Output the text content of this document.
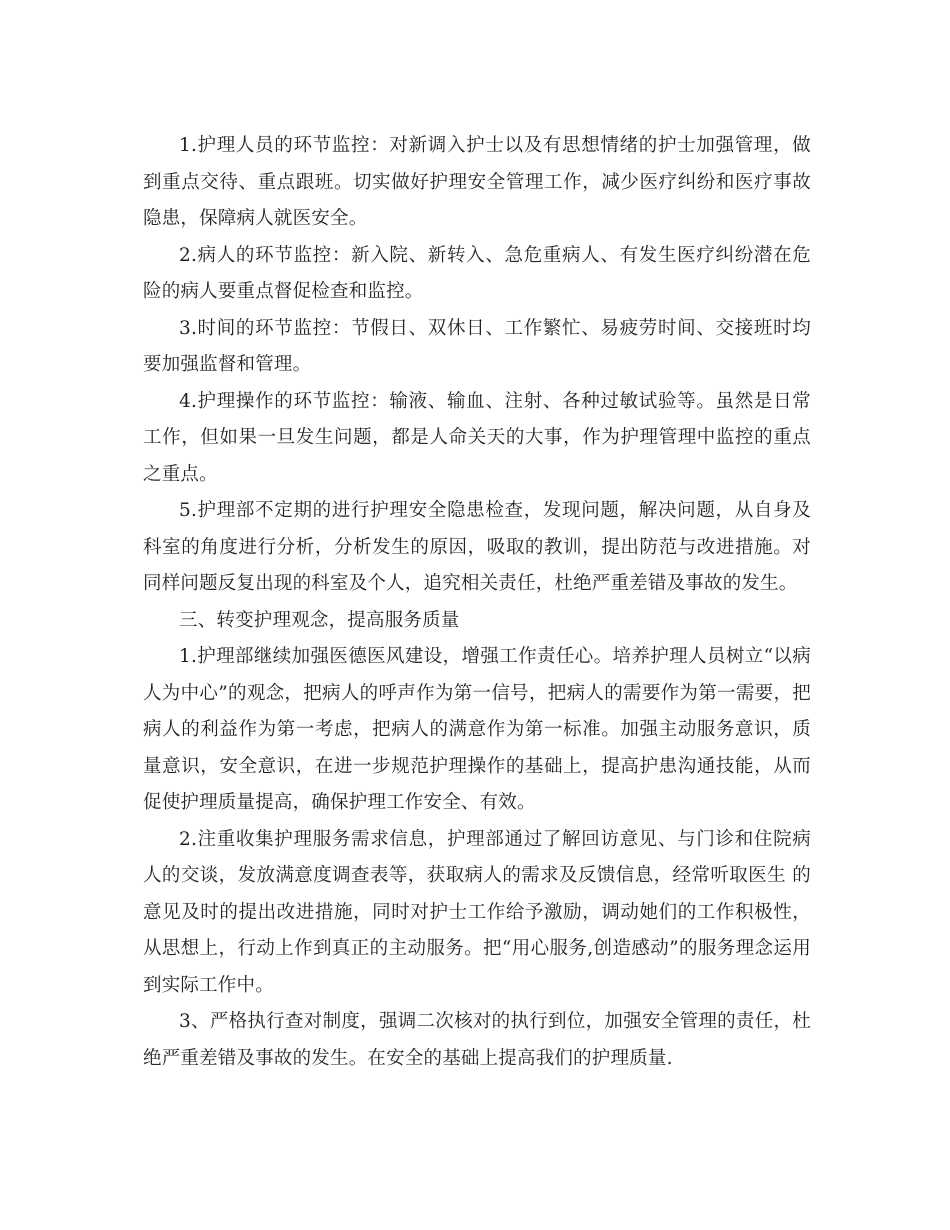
1.护理人员的环节监控：对新调入护士以及有思想情绪的护士加强管理，做到重点交待、重点跟班。切实做好护理安全管理工作，减少医疗纠纷和医疗事故隐患，保障病人就医安全。

2.病人的环节监控：新入院、新转入、急危重病人、有发生医疗纠纷潜在危险的病人要重点督促检查和监控。

3.时间的环节监控：节假日、双休日、工作繁忙、易疲劳时间、交接班时均要加强监督和管理。

4.护理操作的环节监控：输液、输血、注射、各种过敏试验等。虽然是日常工作，但如果一旦发生问题，都是人命关天的大事，作为护理管理中监控的重点之重点。

5.护理部不定期的进行护理安全隐患检查，发现问题，解决问题，从自身及科室的角度进行分析，分析发生的原因，吸取的教训，提出防范与改进措施。对同样问题反复出现的科室及个人，追究相关责任，杜绝严重差错及事故的发生。

三、转变护理观念，提高服务质量

1.护理部继续加强医德医风建设，增强工作责任心。培养护理人员树立“以病人为中心”的观念，把病人的呼声作为第一信号，把病人的需要作为第一需要，把病人的利益作为第一考虑，把病人的满意作为第一标准。加强主动服务意识，质量意识，安全意识，在进一步规范护理操作的基础上，提高护患沟通技能，从而促使护理质量提高，确保护理工作安全、有效。

2.注重收集护理服务需求信息，护理部通过了解回访意见、与门诊和住院病人的交谈，发放满意度调查表等，获取病人的需求及反馈信息，经常听取医生 的意见及时的提出改进措施，同时对护士工作给予激励，调动她们的工作积极性，从思想上，行动上作到真正的主动服务。把“用心服务,创造感动”的服务理念运用到实际工作中。

3、严格执行查对制度，强调二次核对的执行到位，加强安全管理的责任，杜绝严重差错及事故的发生。在安全的基础上提高我们的护理质量.
